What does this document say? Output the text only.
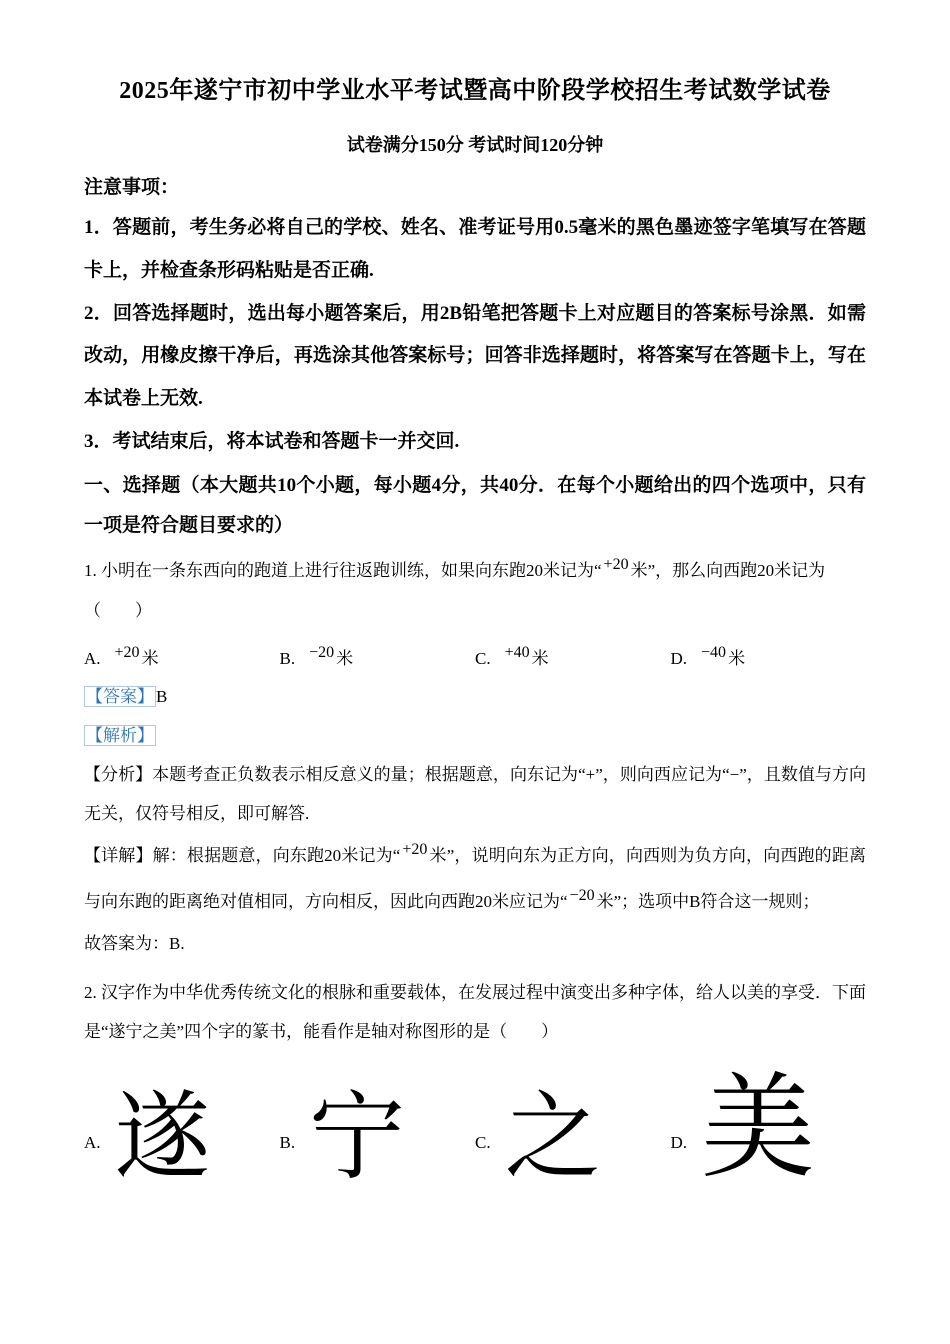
2025年遂宁市初中学业水平考试暨高中阶段学校招生考试数学试卷
试卷满分150分 考试时间120分钟
注意事项：

1．答题前，考生务必将自己的学校、姓名、准考证号用0.5毫米的黑色墨迹签字笔填写在答题卡上，并检查条形码粘贴是否正确.

2．回答选择题时，选出每小题答案后，用2B铅笔把答题卡上对应题目的答案标号涂黑．如需改动，用橡皮擦干净后，再选涂其他答案标号；回答非选择题时，将答案写在答题卡上，写在本试卷上无效.

3．考试结束后，将本试卷和答题卡一并交回.

一、选择题（本大题共10个小题，每小题4分，共40分．在每个小题给出的四个选项中，只有一项是符合题目要求的）

1. 小明在一条东西向的跑道上进行往返跑训练，如果向东跑20米记为“ +20 米”，那么向西跑20米记为
（　　）

A. +20 米	B. −20 米	C. +40 米	D. −40 米

【答案】 B

【解析】

【分析】本题考查正负数表示相反意义的量；根据题意，向东记为“+”，则向西应记为“−”，且数值与方向无关，仅符号相反，即可解答.

【详解】解：根据题意，向东跑20米记为“ +20 米”，说明向东为正方向，向西则为负方向，向西跑的距离与向东跑的距离绝对值相同，方向相反，因此向西跑20米应记为“ −20 米”；选项中B符合这一规则；

故答案为：B.

2. 汉字作为中华优秀传统文化的根脉和重要载体，在发展过程中演变出多种字体，给人以美的享受．下面是“遂宁之美”四个字的篆书，能看作是轴对称图形的是（　　）

A. 遂	B. 宁	C. 之	D. 美
